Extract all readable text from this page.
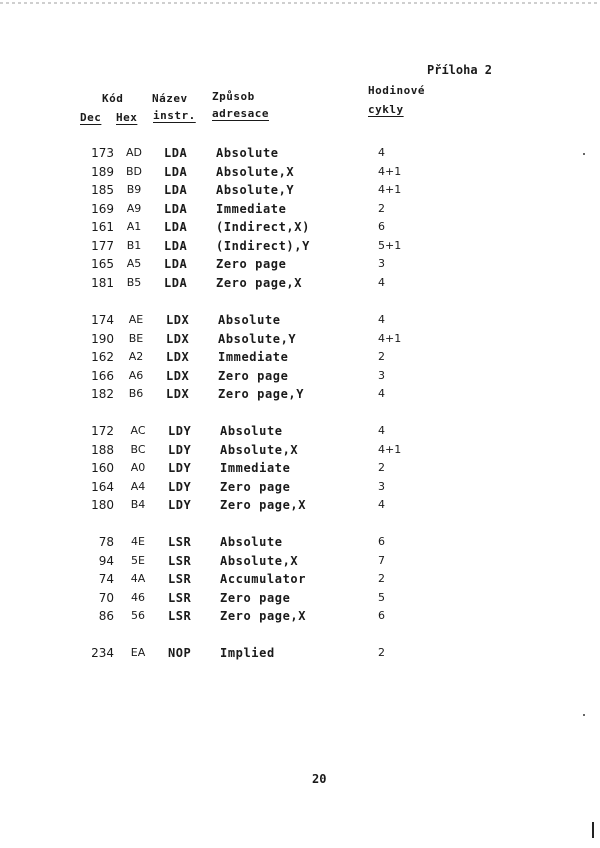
Příloha 2
Kód	Název Způsob	Hodinové
Dec Hex instr. adresace	cykly
173 AD LDA Absolute	4
189 BD LDA Absolute,X	4+1
185 B9 LDA Absolute,Y	4+1
169 A9 LDA Immediate	2
161 A1 LDA (Indirect,X)	6
177 B1 LDA (Indirect),Y	5+1
165 A5 LDA Zero page	3
181 B5 LDA Zero page,X	4
174 AE LDX Absolute	4
190 BE LDX Absolute,Y	4+1
162 A2 LDX Immediate	2
166 A6 LDX Zero page	3
182 B6 LDX Zero page,Y	4
172 AC LDY Absolute	4
188 BC LDY Absolute,X	4+1
160 A0 LDY Immediate	2
164 A4 LDY Zero page	3
180 B4 LDY Zero page,X	4
78 4E LSR Absolute	6
94 5E LSR Absolute,X	7
74 4A LSR Accumulator	2
70 46 LSR Zero page	5
86 56 LSR Zero page,X	6
234 EA NOP Implied	2
20
